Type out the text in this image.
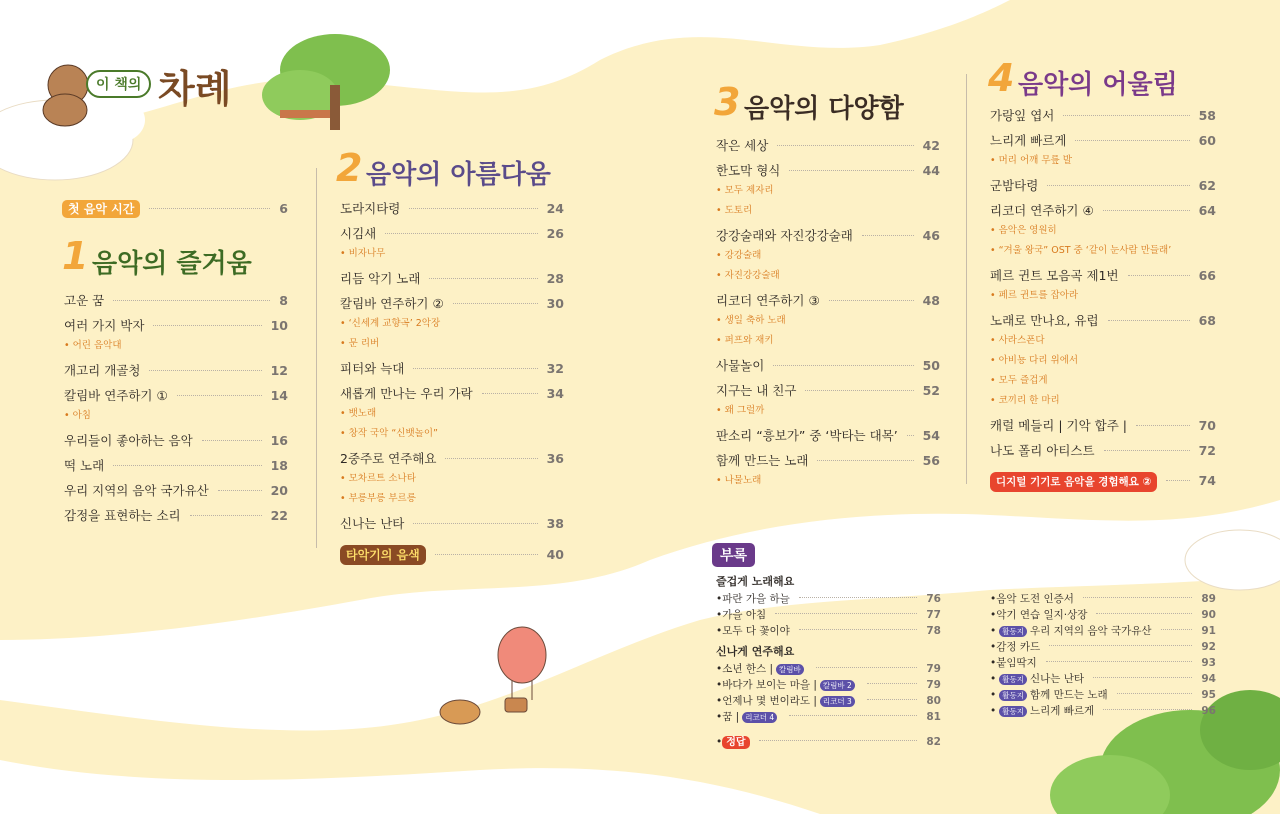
이 책의 차례
첫 음악 시간	6
1 음악의 즐거움
고운 꿈	8
여러 가지 박자	10
• 어린 음악대
개고리 개골청	12
칼림바 연주하기 ①	14
• 아침
우리들이 좋아하는 음악	16
떡 노래	18
우리 지역의 음악 국가유산	20
감정을 표현하는 소리	22
2 음악의 아름다움
도라지타령	24
시김새	26
• 비자나무
리듬 악기 노래	28
칼림바 연주하기 ②	30
• ‘신세계 교향곡’ 2악장
• 문 리버
피터와 늑대	32
새롭게 만나는 우리 가락	34
• 뱃노래
• 창작 국악 “신뱃놀이”
2중주로 연주해요	36
• 모차르트 소나타
• 부릉부릉 부르릉
신나는 난타	38
타악기의 음색	40
3 음악의 다양함
작은 세상	42
한도막 형식	44
• 모두 제자리
• 도토리
강강술래와 자진강강술래	46
• 강강술래
• 자진강강술래
리코더 연주하기 ③	48
• 생일 축하 노래
• 퍼프와 재키
사물놀이	50
지구는 내 친구	52
• 왜 그럴까
판소리 “흥보가” 중 ‘박타는 대목’ 54
함께 만드는 노래	56
• 나물노래
4 음악의 어울림
가랑잎 엽서	58
느리게 빠르게	60
• 머리 어깨 무릎 발
군밤타령	62
리코더 연주하기 ④	64
• 음악은 영원히
• “겨울 왕국” OST 중 ‘같이 눈사람 만들래’
페르 귄트 모음곡 제1번	66
• 페르 귄트를 잡아라
노래로 만나요, 유럽	68
• 사라스폰다
• 아비뇽 다리 위에서
• 모두 즐겁게
• 코끼리 한 마리
캐럴 메들리 | 기악 합주 |	70
나도 폴리 아티스트	72
디지털 기기로 음악을 경험해요 ②	74
부록
즐겁게 노래해요
• 파란 가을 하늘	76
• 가을 아침	77
• 모두 다 꽃이야	78
신나게 연주해요
• 소년 한스 | 칼림바	79
• 바다가 보이는 마을 | 칼림바 2	79
• 언제나 몇 번이라도 | 리코더 3	80
• 꿈 | 리코더 4	81
• 정답	82
• 음악 도전 인증서	89
• 악기 연습 일지·상장	90
• 활동지 우리 지역의 음악 국가유산	91
• 감정 카드	92
• 붙임딱지	93
• 활동지 신나는 난타	94
• 활동지 함께 만드는 노래	95
• 활동지 느리게 빠르게	96
